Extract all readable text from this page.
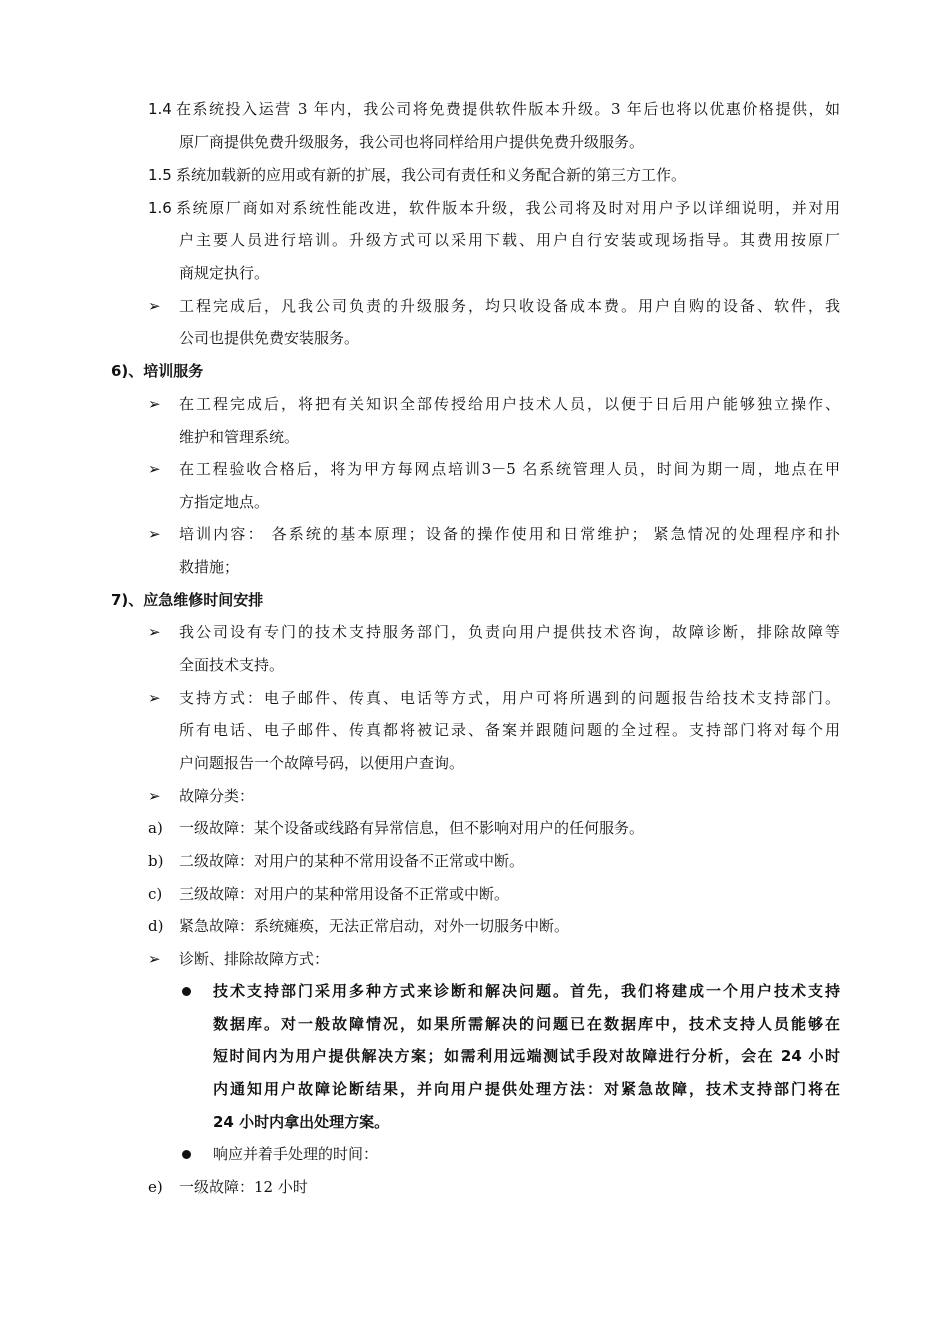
1.4 在系统投入运营 3 年内，我公司将免费提供软件版本升级。3 年后也将以优惠价格提供，如
原厂商提供免费升级服务，我公司也将同样给用户提供免费升级服务。
1.5 系统加载新的应用或有新的扩展，我公司有责任和义务配合新的第三方工作。
1.6 系统原厂商如对系统性能改进，软件版本升级，我公司将及时对用户予以详细说明，并对用
户主要人员进行培训。升级方式可以采用下载、用户自行安装或现场指导。其费用按原厂
商规定执行。
➢ 工程完成后，凡我公司负责的升级服务，均只收设备成本费。用户自购的设备、软件，我
公司也提供免费安装服务。
6)、培训服务
➢ 在工程完成后，将把有关知识全部传授给用户技术人员，以便于日后用户能够独立操作、
维护和管理系统。
➢ 在工程验收合格后，将为甲方每网点培训3－5 名系统管理人员，时间为期一周，地点在甲
方指定地点。
➢ 培训内容： 各系统的基本原理；设备的操作使用和日常维护； 紧急情况的处理程序和扑
救措施；
7)、应急维修时间安排
➢ 我公司设有专门的技术支持服务部门，负责向用户提供技术咨询，故障诊断，排除故障等
全面技术支持。
➢ 支持方式：电子邮件、传真、电话等方式，用户可将所遇到的问题报告给技术支持部门。
所有电话、电子邮件、传真都将被记录、备案并跟随问题的全过程。支持部门将对每个用
户问题报告一个故障号码，以便用户查询。
➢ 故障分类：
a) 一级故障：某个设备或线路有异常信息，但不影响对用户的任何服务。
b) 二级故障：对用户的某种不常用设备不正常或中断。
c) 三级故障：对用户的某种常用设备不正常或中断。
d) 紧急故障：系统瘫痪，无法正常启动，对外一切服务中断。
➢ 诊断、排除故障方式：
技术支持部门采用多种方式来诊断和解决问题。首先，我们将建成一个用户技术支持
数据库。对一般故障情况，如果所需解决的问题已在数据库中，技术支持人员能够在
短时间内为用户提供解决方案；如需利用远端测试手段对故障进行分析，会在 24 小时
内通知用户故障论断结果，并向用户提供处理方法：对紧急故障，技术支持部门将在
24 小时内拿出处理方案。
响应并着手处理的时间：
e) 一级故障：12 小时
